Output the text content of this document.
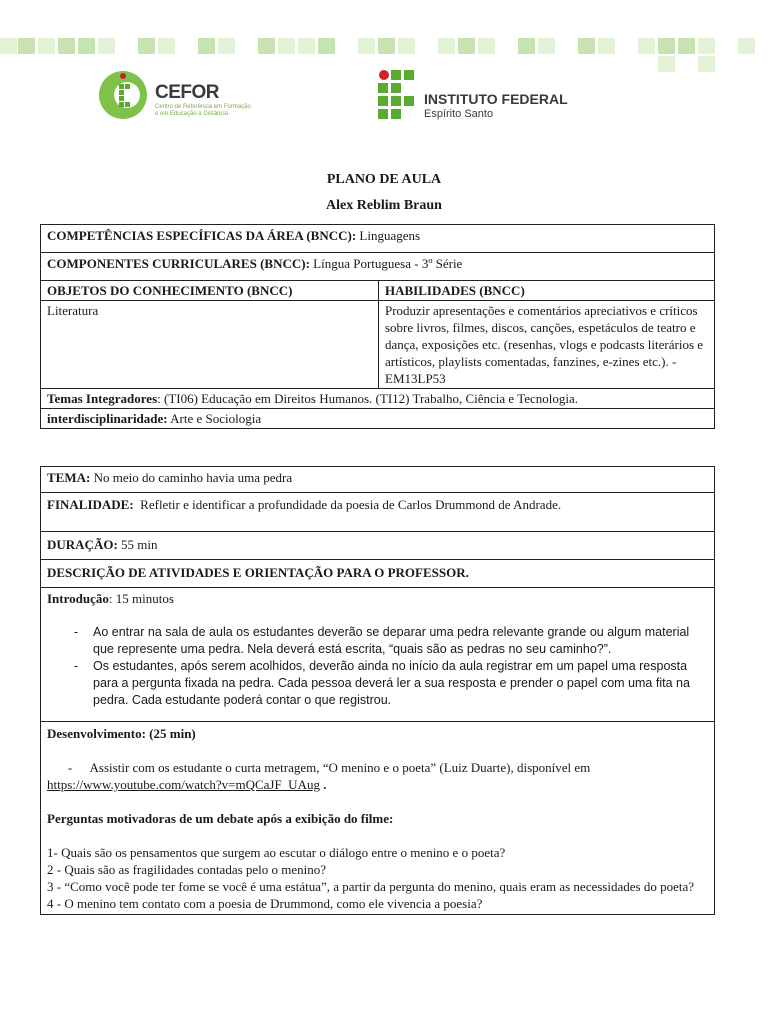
CEFOR
Centro de Referência em Formação e em Educação a Distância
INSTITUTO FEDERAL
Espírito Santo
PLANO DE AULA
Alex Reblim Braun
COMPETÊNCIAS ESPECÍFICAS DA ÁREA (BNCC): Linguagens	
COMPONENTES CURRICULARES (BNCC): Língua Portuguesa - 3º Série	
OBJETOS DO CONHECIMENTO (BNCC)	HABILIDADES (BNCC)
Literatura	Produzir apresentações e comentários apreciativos e críticos sobre livros, filmes, discos, canções, espetáculos de teatro e dança, exposições etc. (resenhas, vlogs e podcasts literários e artísticos, playlists comentadas, fanzines, e-zines etc.). - EM13LP53
Temas Integradores: (TI06) Educação em Direitos Humanos. (TI12) Trabalho, Ciência e Tecnologia.	
interdisciplinaridade: Arte e Sociologia	
TEMA: No meio do caminho havia uma pedra
FINALIDADE: Refletir e identificar a profundidade da poesia de Carlos Drummond de Andrade.
DURAÇÃO: 55 min
DESCRIÇÃO DE ATIVIDADES E ORIENTAÇÃO PARA O PROFESSOR.

Introdução: 15 minutos
-	Ao entrar na sala de aula os estudantes deverão se deparar uma pedra relevante grande ou algum material que represente uma pedra. Nela deverá está escrita, “quais são as pedras no seu caminho?”.
-	Os estudantes, após serem acolhidos, deverão ainda no início da aula registrar em um papel uma resposta para a pergunta fixada na pedra. Cada pessoa deverá ler a sua resposta e prender o papel com uma fita na pedra. Cada estudante poderá contar o que registrou.

Desenvolvimento: (25 min)
- Assistir com os estudante o curta metragem, “O menino e o poeta” (Luiz Duarte), disponível em https://www.youtube.com/watch?v=mQCaJF_UAug .
Perguntas motivadoras de um debate após a exibição do filme:
1- Quais são os pensamentos que surgem ao escutar o diálogo entre o menino e o poeta?
2 - Quais são as fragilidades contadas pelo o menino?
3 - “Como você pode ter fome se você é uma estátua”, a partir da pergunta do menino, quais eram as necessidades do poeta?
4 - O menino tem contato com a poesia de Drummond, como ele vivencia a poesia?
